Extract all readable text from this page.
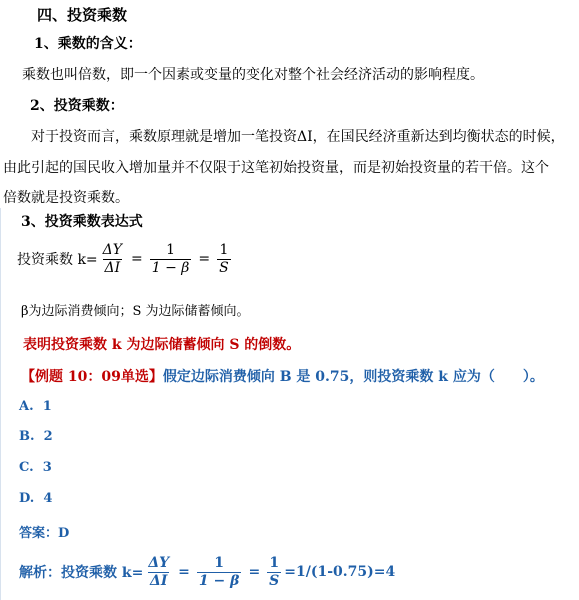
四、投资乘数
1、乘数的含义：
乘数也叫倍数，即一个因素或变量的变化对整个社会经济活动的影响程度。
2、投资乘数：
对于投资而言，乘数原理就是增加一笔投资ΔI，在国民经济重新达到均衡状态的时候，
由此引起的国民收入增加量并不仅限于这笔初始投资量，而是初始投资量的若干倍。这个
倍数就是投资乘数。
3、投资乘数表达式
投资乘数 $k= \frac{\Delta Y}{\Delta I} = \frac{1}{1 - \beta} = \frac{1}{S}$
β为边际消费倾向；S 为边际储蓄倾向。
表明投资乘数 k 为边际储蓄倾向 S 的倒数。
【例题 10：09单选】假定边际消费倾向 B 是 0.75，则投资乘数 k 应为（　　）。
A. 1
B. 2
C. 3
D. 4
答案：D
解析：投资乘数 $k= \frac{\Delta Y}{\Delta I} = \frac{1}{1 - \beta} = \frac{1}{S} =1/(1-0.75)=4$
